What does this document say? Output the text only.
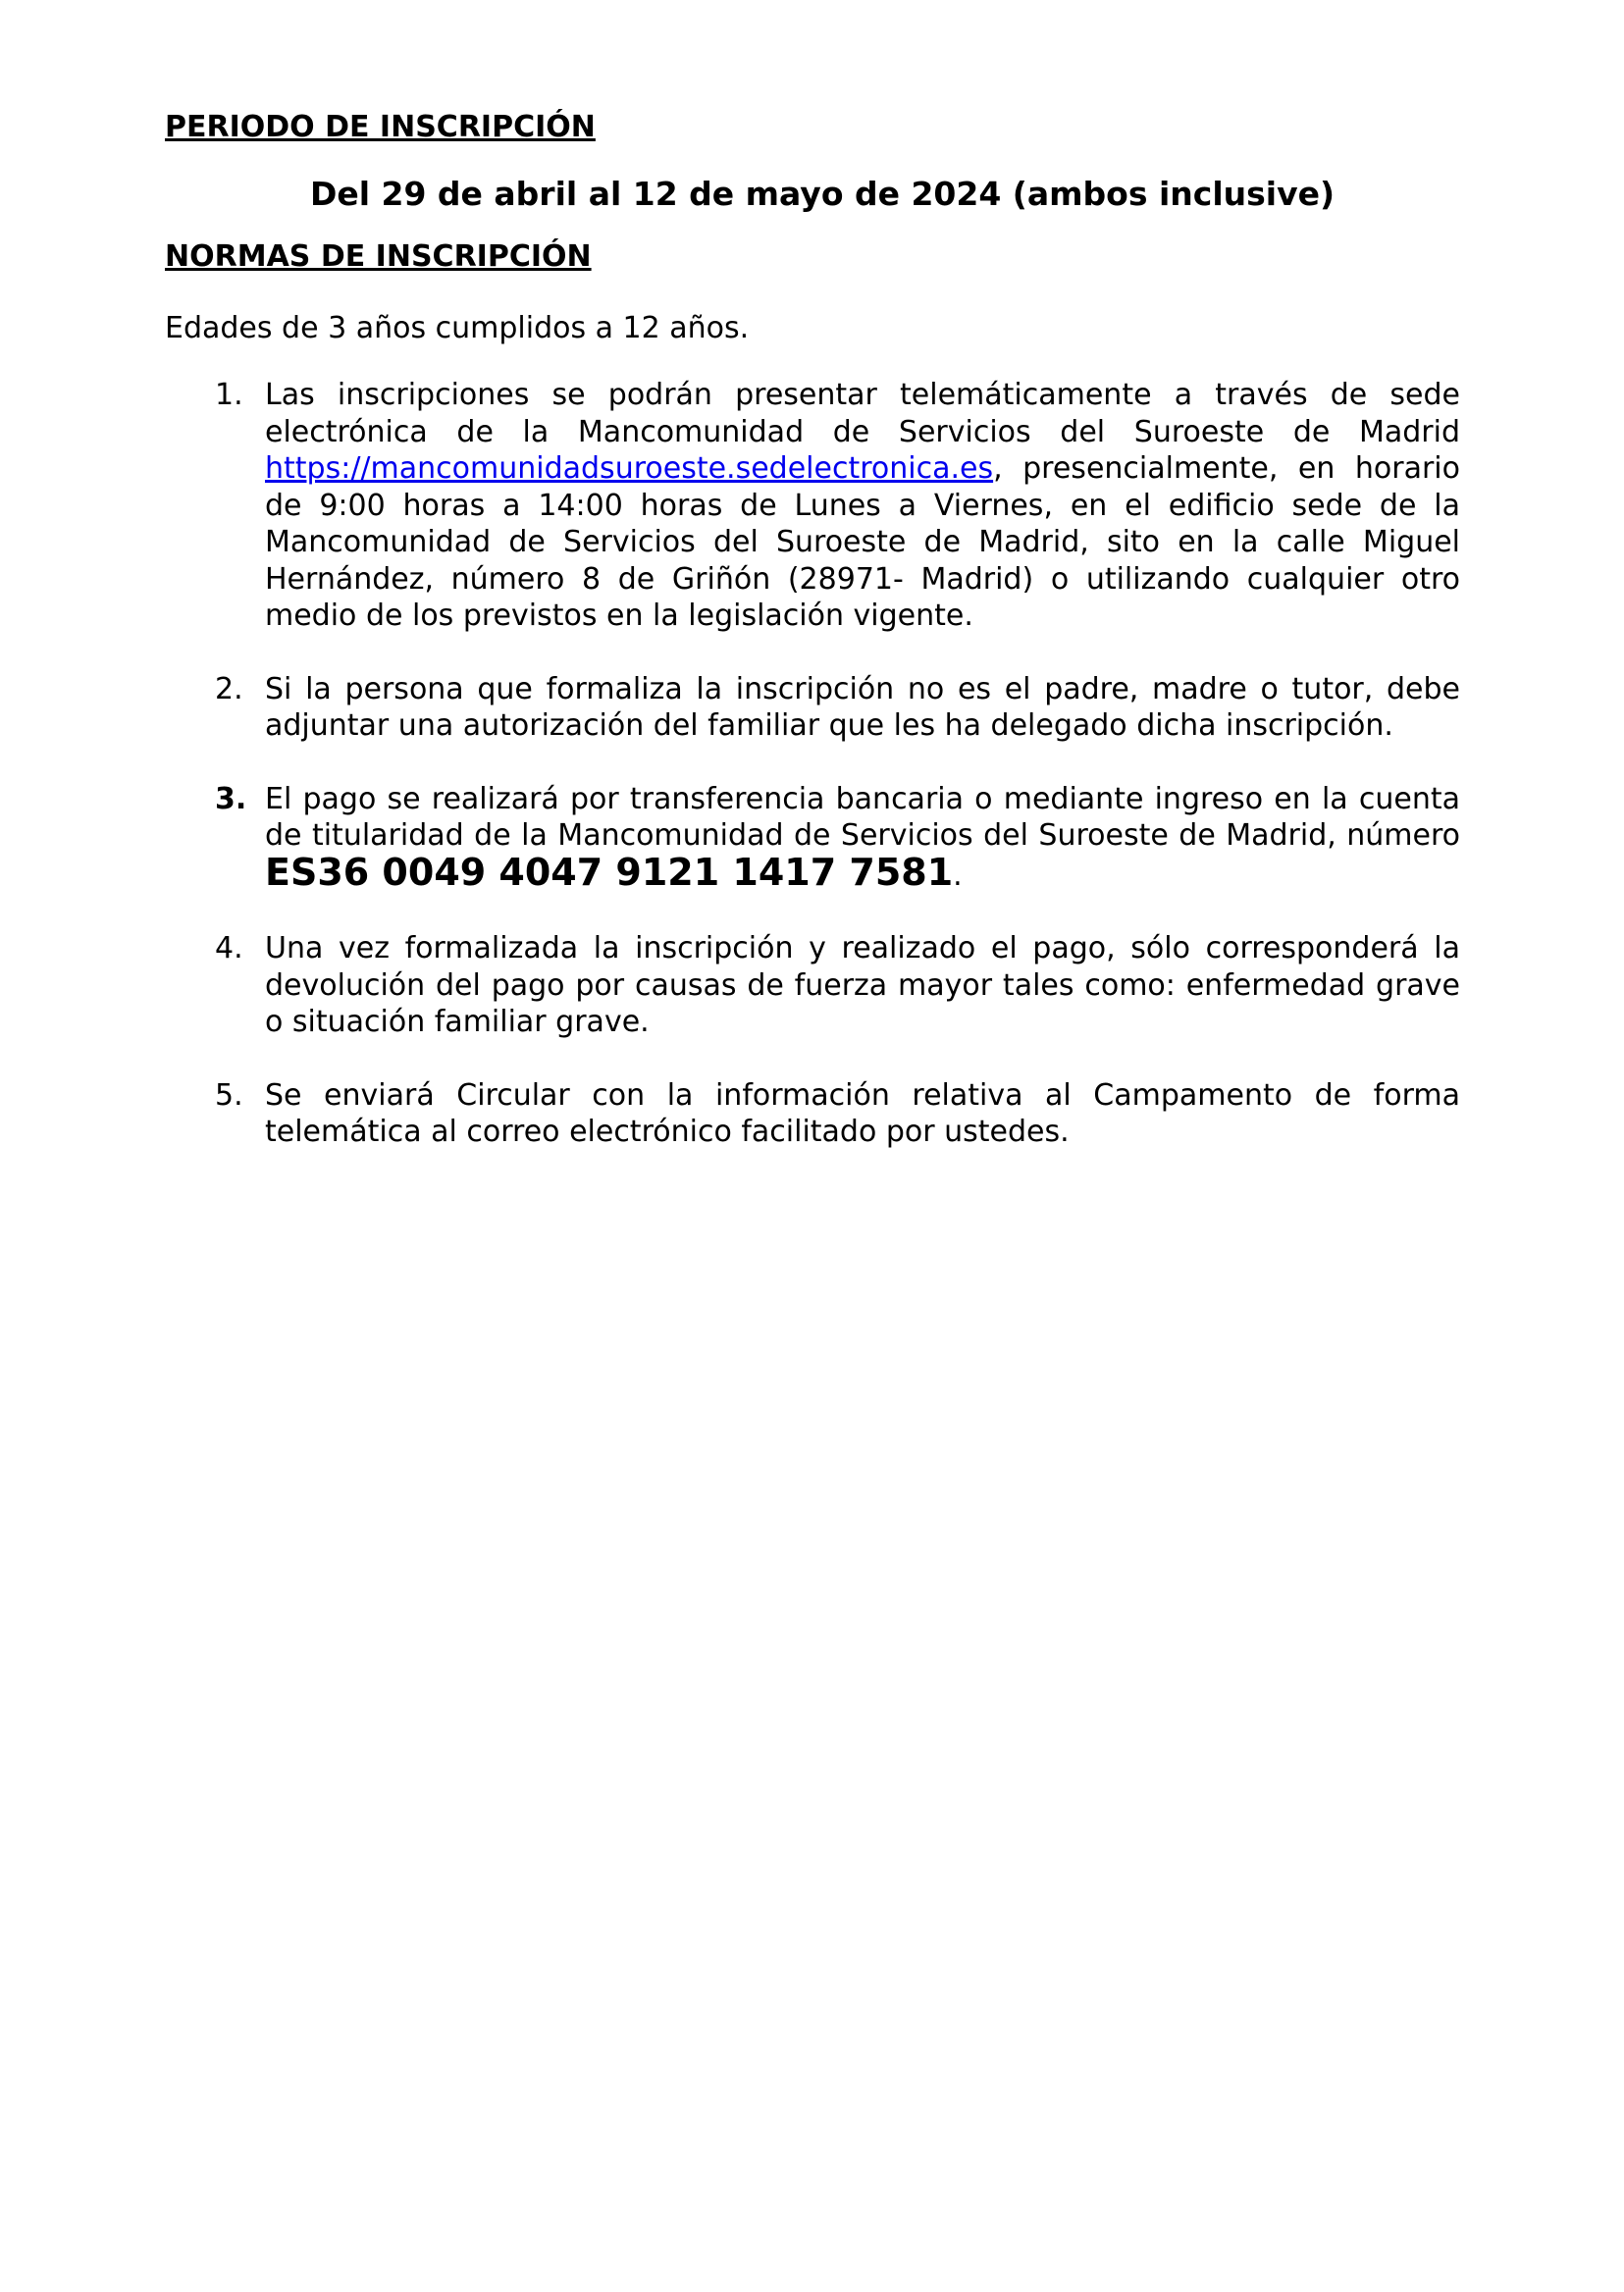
PERIODO DE INSCRIPCIÓN

Del 29 de abril al 12 de mayo de 2024 (ambos inclusive)

NORMAS DE INSCRIPCIÓN

Edades de 3 años cumplidos a 12 años.

1. Las inscripciones se podrán presentar telemáticamente a través de sede electrónica de la Mancomunidad de Servicios del Suroeste de Madrid https://mancomunidadsuroeste.sedelectronica.es, presencialmente, en horario de 9:00 horas a 14:00 horas de Lunes a Viernes, en el edificio sede de la Mancomunidad de Servicios del Suroeste de Madrid, sito en la calle Miguel Hernández, número 8 de Griñón (28971- Madrid) o utilizando cualquier otro medio de los previstos en la legislación vigente.
2. Si la persona que formaliza la inscripción no es el padre, madre o tutor, debe adjuntar una autorización del familiar que les ha delegado dicha inscripción.
3. El pago se realizará por transferencia bancaria o mediante ingreso en la cuenta de titularidad de la Mancomunidad de Servicios del Suroeste de Madrid, número ES36 0049 4047 9121 1417 7581.
4. Una vez formalizada la inscripción y realizado el pago, sólo corresponderá la devolución del pago por causas de fuerza mayor tales como: enfermedad grave o situación familiar grave.
5. Se enviará Circular con la información relativa al Campamento de forma telemática al correo electrónico facilitado por ustedes.
